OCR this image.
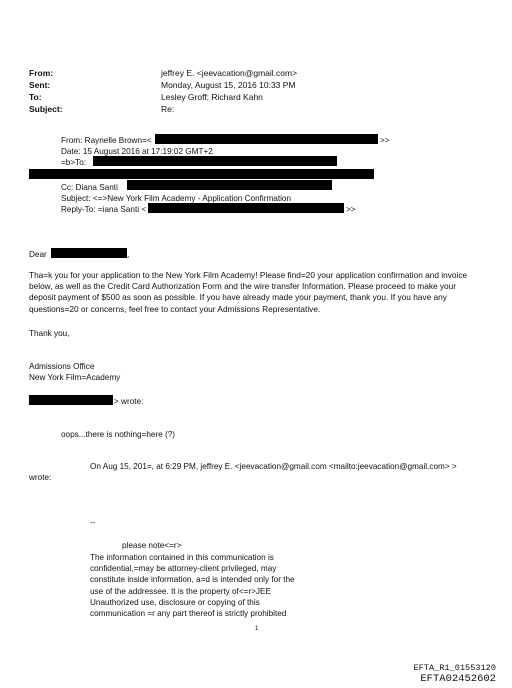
From:	jeffrey E. <jeevacation@gmail.com>
Sent:	Monday, August 15, 2016 10:33 PM
To:	Lesley Groff; Richard Kahn
Subject:	Re:
From: Raynelle Brown=<	>>
Date: 15 August 2016 at 17:19:02 GMT+2
=b>To:
Cc: Diana Santi
Subject: <=>New York Film Academy - Application Confirmation
Reply-To: =iana Santi <	>>
Dear	,
Tha=k you for your application to the New York Film Academy! Please find=20 your application confirmation and invoice below, as well as the Credit Card Authorization Form and the wire transfer Information. Please proceed to make your deposit payment of $500 as soon as possible. If you have already made your payment, thank you. If you have any questions=20 or concerns, feel free to contact your Admissions Representative.
Thank you,
Admissions Office
New York Film=Academy
> wrote:
oops...there is nothing=here (?)
On Aug 15, 201=, at 6:29 PM, jeffrey E. <jeevacation@gmail.com <mailto:jeevacation@gmail.com> >
wrote:
--
please note<=r>
The information contained in this communication is confidential,=may be attorney-client privileged, may constitute inside information, a=d is intended only for the use of the addressee. It is the property of<=r>JEE Unauthorized use, disclosure or copying of this communication =r any part thereof is strictly prohibited
1
EFTA_R1_01553120
EFTA02452602
